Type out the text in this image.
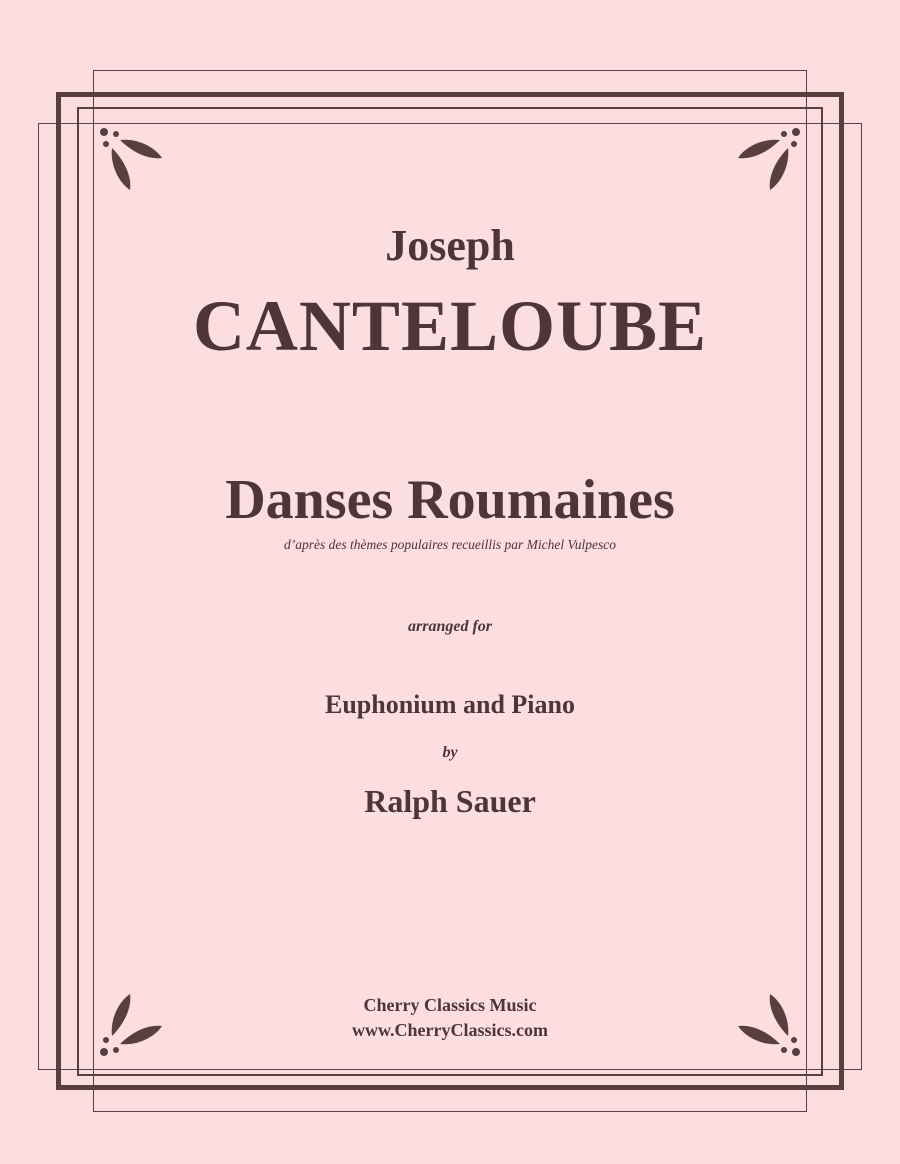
Joseph
CANTELOUBE
Danses Roumaines
d’après des thèmes populaires recueillis par Michel Vulpesco
arranged for
Euphonium and Piano
by
Ralph Sauer
Cherry Classics Music
www.CherryClassics.com
